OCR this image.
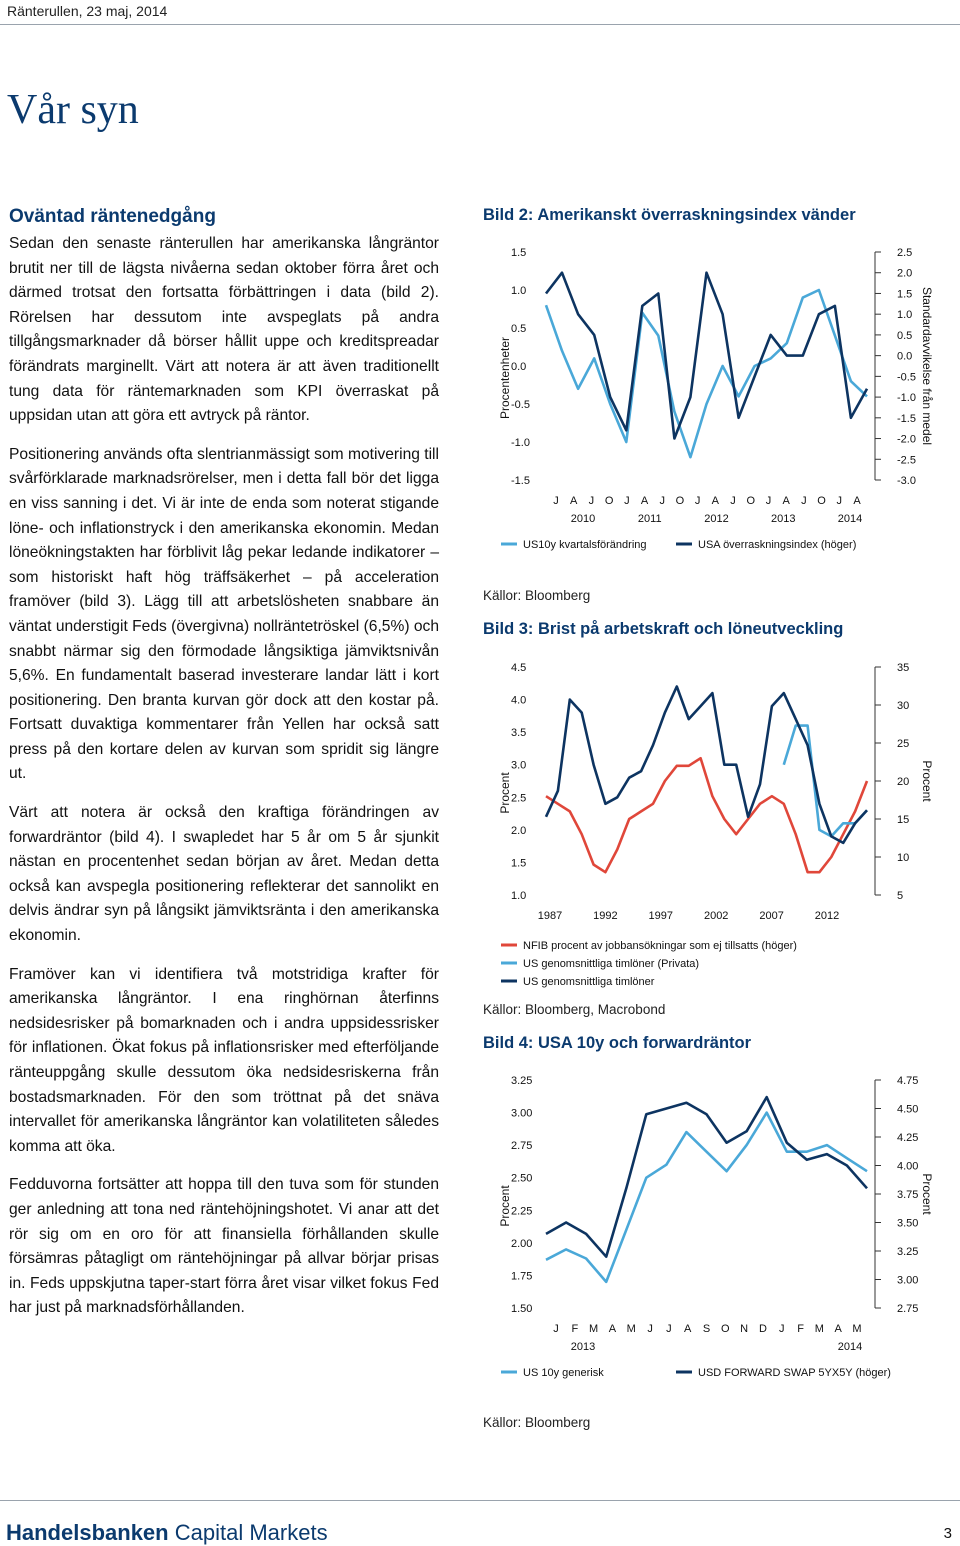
Ränterullen, 23 maj, 2014
Vår syn
Oväntad räntenedgång

Sedan den senaste ränterullen har amerikanska långräntor brutit ner till de lägsta nivåerna sedan oktober förra året och därmed trotsat den fortsatta förbättringen i data (bild 2). Rörelsen har dessutom inte avspeglats på andra tillgångsmarknader då börser hållit uppe och kreditspreadar förändrats marginellt. Värt att notera är att även traditionellt tung data för räntemarknaden som KPI överraskat på uppsidan utan att göra ett avtryck på räntor.

Positionering används ofta slentrianmässigt som motivering till svårförklarade marknadsrörelser, men i detta fall bör det ligga en viss sanning i det. Vi är inte de enda som noterat stigande löne- och inflationstryck i den amerikanska ekonomin. Medan löneökningstakten har förblivit låg pekar ledande indikatorer – som historiskt haft hög träffsäkerhet – på acceleration framöver (bild 3). Lägg till att arbetslösheten snabbare än väntat understigit Feds (övergivna) nollräntetröskel (6,5%) och snabbt närmar sig den förmodade långsiktiga jämviktsnivån 5,6%. En fundamentalt baserad investerare landar lätt i kort positionering. Den branta kurvan gör dock att den kostar på. Fortsatt duvaktiga kommentarer från Yellen har också satt press på den kortare delen av kurvan som spridit sig längre ut.

Värt att notera är också den kraftiga förändringen av forwardräntor (bild 4). I swapledet har 5 år om 5 år sjunkit nästan en procentenhet sedan början av året. Medan detta också kan avspegla positionering reflekterar det sannolikt en delvis ändrar syn på långsikt jämviktsränta i den amerikanska ekonomin.

Framöver kan vi identifiera två motstridiga krafter för amerikanska långräntor. I ena ringhörnan återfinns nedsidesrisker på bomarknaden och i andra uppsidessrisker för inflationen. Ökat fokus på inflationsrisker med efterföljande ränteuppgång skulle dessutom öka nedsidesriskerna från bostadsmarknaden. För den som tröttnat på det snäva intervallet för amerikanska långräntor kan volatiliteten således komma att öka.

Fedduvorna fortsätter att hoppa till den tuva som för stunden ger anledning att tona ned räntehöjningshotet. Vi anar att det rör sig om en oro för att finansiella förhållanden skulle försämras påtagligt om räntehöjningar på allvar börjar prisas in. Feds uppskjutna taper-start förra året visar vilket fokus Fed har just på marknadsförhållanden.

Bild 2: Amerikanskt överraskningsindex vänder
1.5
1.0
0.5
0.0
-0.5
-1.0
-1.5
2.5
2.0
1.5
1.0
0.5
0.0
-0.5
-1.0
-1.5
-2.0
-2.5
-3.0
Procentenheter	Standardavvikelse från medel
J A J O J A J O J A J O J A J O J A
2010	2011	2012	2013	2014
US10y kvartalsförändring	USA överraskningsindex (höger)
Källor: Bloomberg
Bild 3: Brist på arbetskraft och löneutveckling
4.5
4.0
3.5
3.0
2.5
2.0
1.5
1.0
35
30
25
20
15
10
5
Procent	Procent
1987	1992	1997	2002	2007	2012
NFIB procent av jobbansökningar som ej tillsatts (höger)
US genomsnittliga timlöner (Privata)
US genomsnittliga timlöner
Källor: Bloomberg, Macrobond
Bild 4: USA 10y och forwardräntor
3.25
3.00
2.75
2.50
2.25
2.00
1.75
1.50
4.75
4.50
4.25
4.00
3.75
3.50
3.25
3.00
2.75
Procent	Procent
J F M A M J J A S O N D J F M A M
2013	2014
US 10y generisk	USD FORWARD SWAP 5YX5Y (höger)
Källor: Bloomberg
Handelsbanken Capital Markets	3
